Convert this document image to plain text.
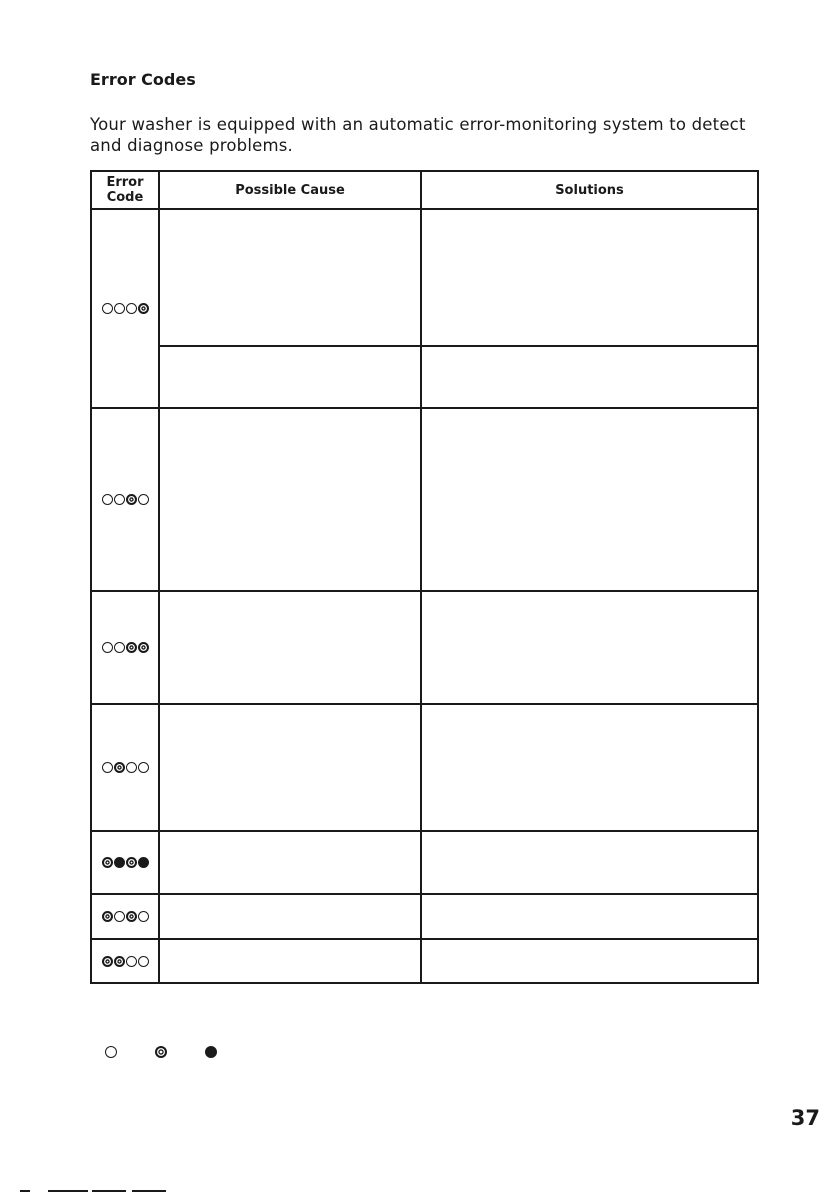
Error Codes

Your washer is equipped with an automatic error-monitoring system to detect and diagnose problems.

Error
Code	Possible Cause	Solutions

37
